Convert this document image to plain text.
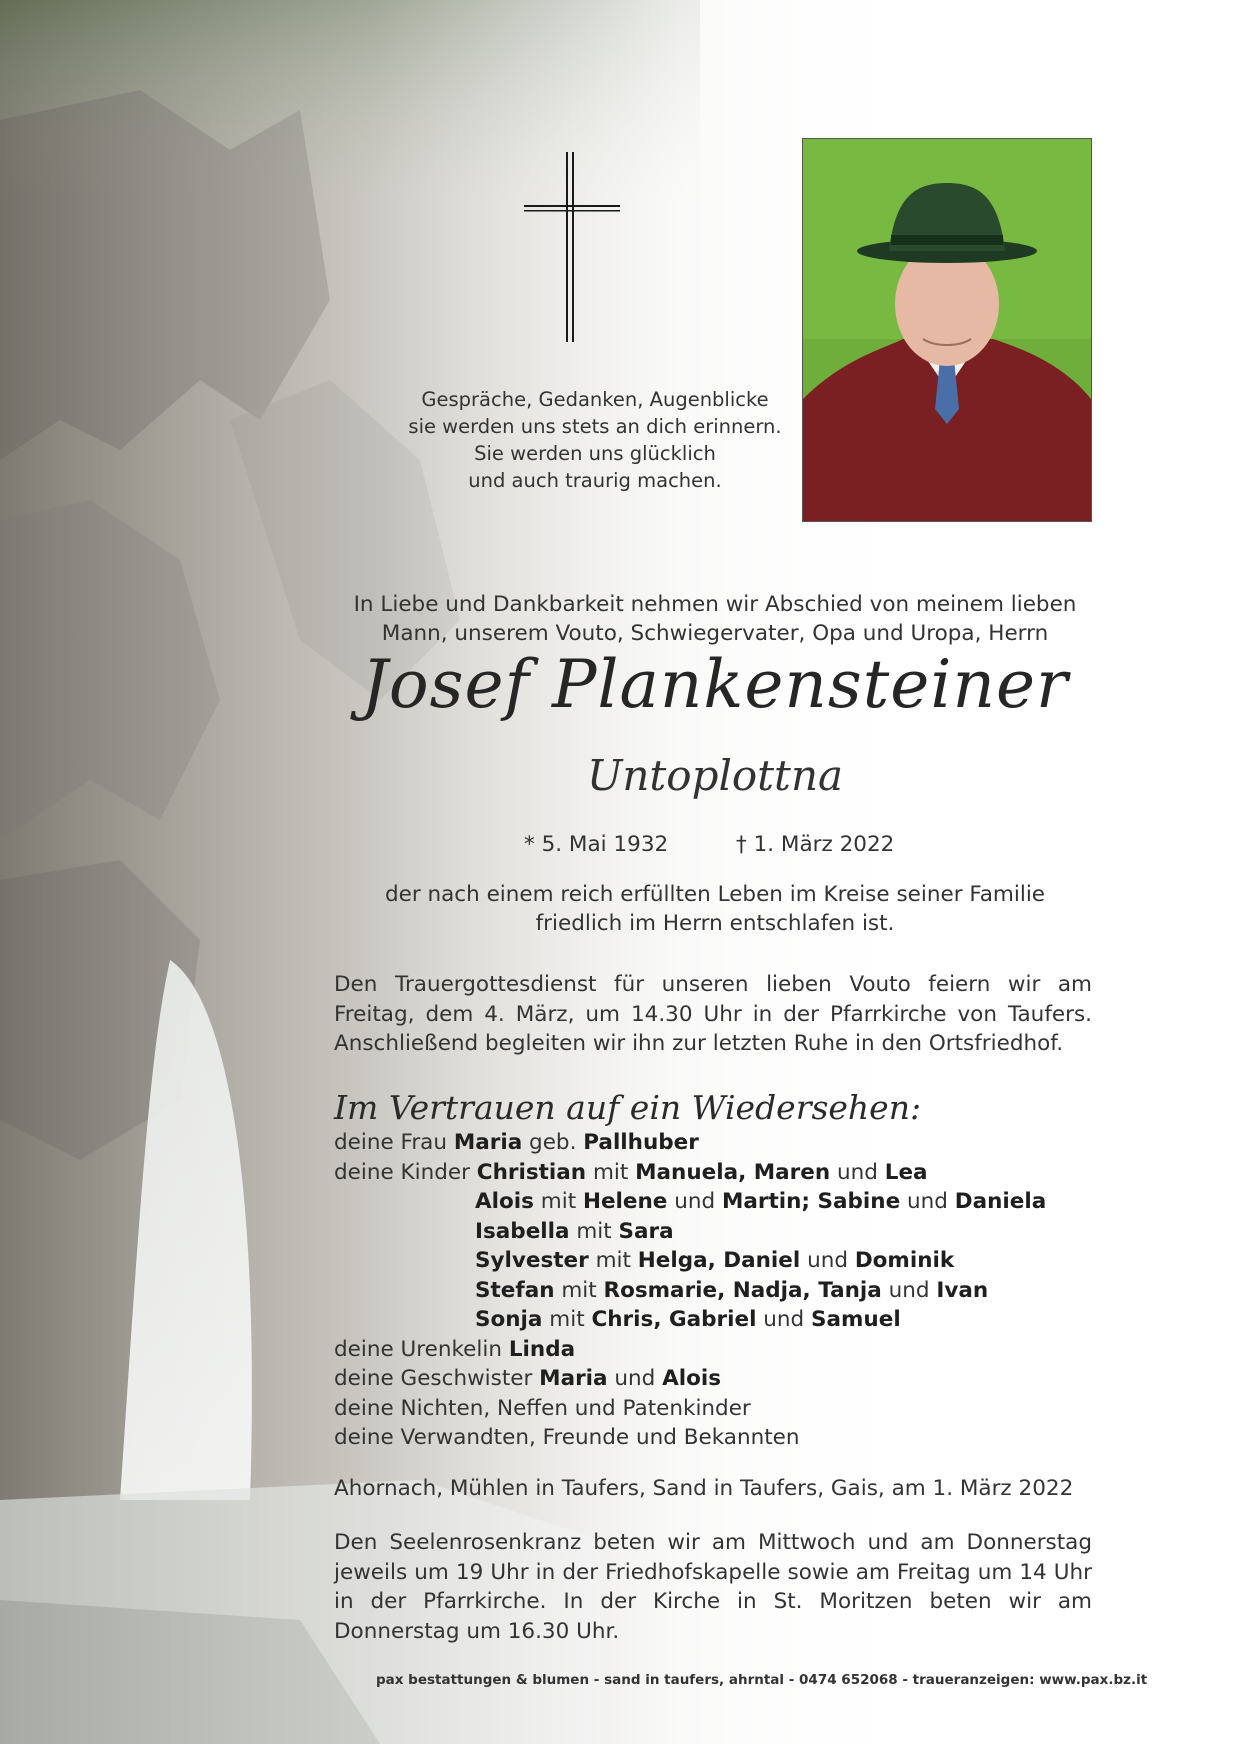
Gespräche, Gedanken, Augenblicke
sie werden uns stets an dich erinnern.
Sie werden uns glücklich
und auch traurig machen.
In Liebe und Dankbarkeit nehmen wir Abschied von meinem lieben
Mann, unserem Vouto, Schwiegervater, Opa und Uropa, Herrn
Josef Plankensteiner
Untoplottna
* 5. Mai 1932	† 1. März 2022
der nach einem reich erfüllten Leben im Kreise seiner Familie
friedlich im Herrn entschlafen ist.
Den Trauergottesdienst für unseren lieben Vouto feiern wir am Freitag, dem 4. März, um 14.30 Uhr in der Pfarrkirche von Taufers. Anschließend begleiten wir ihn zur letzten Ruhe in den Ortsfriedhof.
Im Vertrauen auf ein Wiedersehen:
deine Frau Maria geb. Pallhuber
deine Kinder Christian mit Manuela, Maren und Lea
Alois mit Helene und Martin; Sabine und Daniela
Isabella mit Sara
Sylvester mit Helga, Daniel und Dominik
Stefan mit Rosmarie, Nadja, Tanja und Ivan
Sonja mit Chris, Gabriel und Samuel
deine Urenkelin Linda
deine Geschwister Maria und Alois
deine Nichten, Neffen und Patenkinder
deine Verwandten, Freunde und Bekannten
Ahornach, Mühlen in Taufers, Sand in Taufers, Gais, am 1. März 2022
Den Seelenrosenkranz beten wir am Mittwoch und am Donnerstag jeweils um 19 Uhr in der Friedhofskapelle sowie am Freitag um 14 Uhr in der Pfarrkirche. In der Kirche in St. Moritzen beten wir am Donnerstag um 16.30 Uhr.
pax bestattungen & blumen - sand in taufers, ahrntal - 0474 652068 - traueranzeigen: www.pax.bz.it
